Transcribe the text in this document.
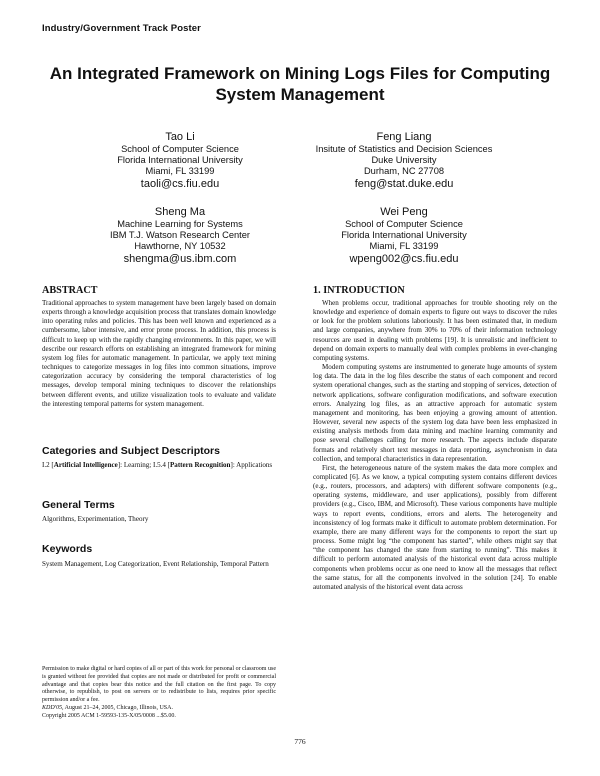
Industry/Government Track Poster
An Integrated Framework on Mining Logs Files for Computing System Management
Tao Li
School of Computer Science
Florida International University
Miami, FL 33199
taoli@cs.fiu.edu
Feng Liang
Insitute of Statistics and Decision Sciences
Duke University
Durham, NC 27708
feng@stat.duke.edu
Sheng Ma
Machine Learning for Systems
IBM T.J. Watson Research Center
Hawthorne, NY 10532
shengma@us.ibm.com
Wei Peng
School of Computer Science
Florida International University
Miami, FL 33199
wpeng002@cs.fiu.edu
ABSTRACT

Traditional approaches to system management have been largely based on domain experts through a knowledge acquisition process that translates domain knowledge into operating rules and policies. This has been well known and experienced as a cumbersome, labor intensive, and error prone process. In addition, this process is difficult to keep up with the rapidly changing environments. In this paper, we will describe our research efforts on establishing an integrated framework for mining system log files for automatic management. In particular, we apply text mining techniques to categorize messages in log files into common situations, improve categorization accuracy by considering the temporal characteristics of log messages, develop temporal mining techniques to discover the relationships between different events, and utilize visualization tools to evaluate and validate the interesting temporal patterns for system management.

Categories and Subject Descriptors
I.2 [Artificial Intelligence]: Learning; I.5.4 [Pattern Recognition]: Applications
General Terms
Algorithms, Experimentation, Theory
Keywords
System Management, Log Categorization, Event Relationship, Temporal Pattern
Permission to make digital or hard copies of all or part of this work for personal or classroom use is granted without fee provided that copies are not made or distributed for profit or commercial advantage and that copies bear this notice and the full citation on the first page. To copy otherwise, to republish, to post on servers or to redistribute to lists, requires prior specific permission and/or a fee.
KDD'05, August 21–24, 2005, Chicago, Illinois, USA.
Copyright 2005 ACM 1-59593-135-X/05/0008 ...$5.00.
1. INTRODUCTION

When problems occur, traditional approaches for trouble shooting rely on the knowledge and experience of domain experts to figure out ways to discover the rules or look for the problem solutions laboriously. It has been estimated that, in medium and large companies, anywhere from 30% to 70% of their information technology resources are used in dealing with problems [19]. It is unrealistic and inefficient to depend on domain experts to manually deal with complex problems in ever-changing computing systems.

Modern computing systems are instrumented to generate huge amounts of system log data. The data in the log files describe the status of each component and record system operational changes, such as the starting and stopping of services, detection of network applications, software configuration modifications, and software execution errors. Analyzing log files, as an attractive approach for automatic system management and monitoring, has been enjoying a growing amount of attention. However, several new aspects of the system log data have been less emphasized in existing analysis methods from data mining and machine learning community and pose several challenges calling for more research. The aspects include disparate formats and relatively short text messages in data reporting, asynchronism in data collection, and temporal characteristics in data representation.

First, the heterogeneous nature of the system makes the data more complex and complicated [6]. As we know, a typical computing system contains different devices (e.g., routers, processors, and adapters) with different software components (e.g., operating systems, middleware, and user applications), possibly from different providers (e.g., Cisco, IBM, and Microsoft). These various components have multiple ways to report events, conditions, errors and alerts. The heterogeneity and inconsistency of log formats make it difficult to automate problem determination. For example, there are many different ways for the components to report the start up process. Some might log “the component has started”, while others might say that “the component has changed the state from starting to running”. This makes it difficult to perform automated analysis of the historical event data across multiple components when problems occur as one need to know all the messages that reflect the same status, for all the components involved in the solution [24]. To enable automated analysis of the historical event data across

776
